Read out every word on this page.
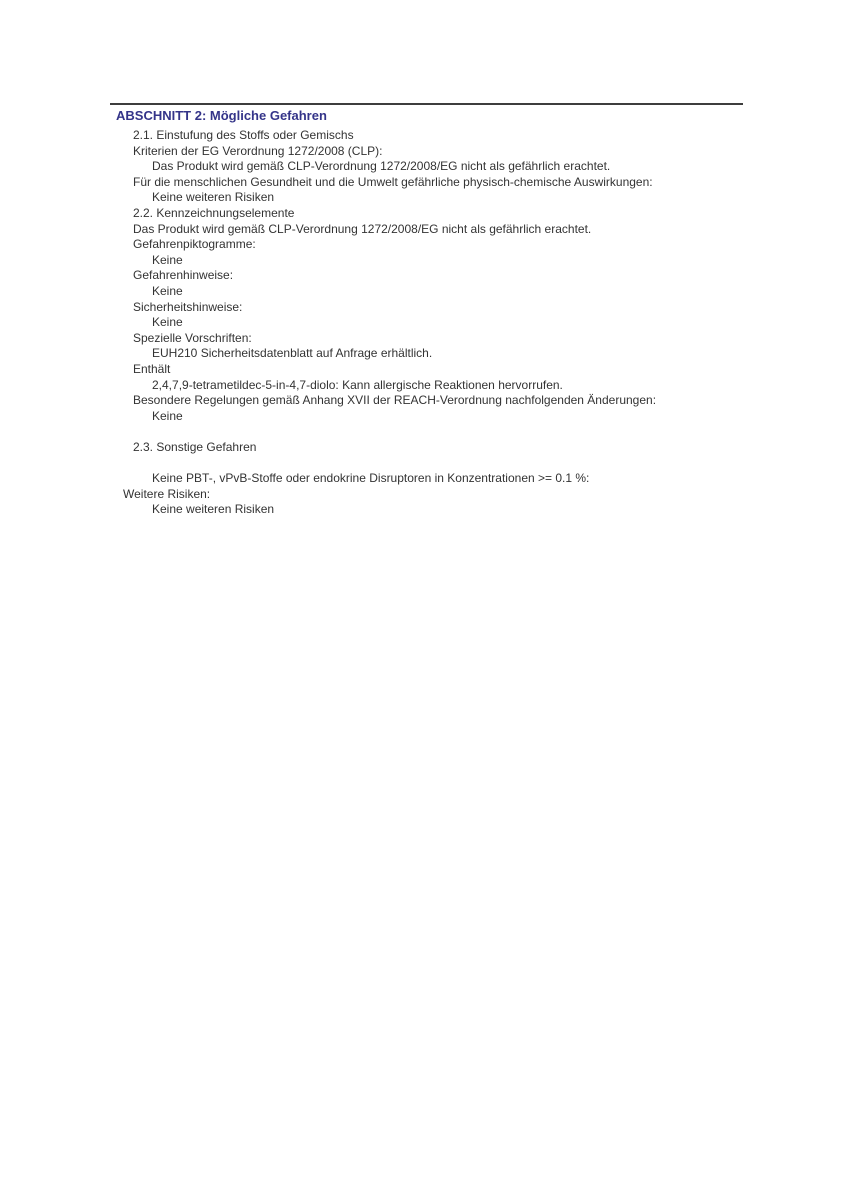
ABSCHNITT 2: Mögliche Gefahren
2.1. Einstufung des Stoffs oder Gemischs
Kriterien der EG Verordnung 1272/2008 (CLP):
Das Produkt wird gemäß CLP-Verordnung 1272/2008/EG nicht als gefährlich erachtet.
Für die menschlichen Gesundheit und die Umwelt gefährliche physisch-chemische Auswirkungen:
Keine weiteren Risiken
2.2. Kennzeichnungselemente
Das Produkt wird gemäß CLP-Verordnung 1272/2008/EG nicht als gefährlich erachtet.
Gefahrenpiktogramme:
Keine
Gefahrenhinweise:
Keine
Sicherheitshinweise:
Keine
Spezielle Vorschriften:
EUH210 Sicherheitsdatenblatt auf Anfrage erhältlich.
Enthält
2,4,7,9-tetrametildec-5-in-4,7-diolo: Kann allergische Reaktionen hervorrufen.
Besondere Regelungen gemäß Anhang XVII der REACH-Verordnung nachfolgenden Änderungen:
Keine
2.3. Sonstige Gefahren
Keine PBT-, vPvB-Stoffe oder endokrine Disruptoren in Konzentrationen >= 0.1 %:
Weitere Risiken:
Keine weiteren Risiken
